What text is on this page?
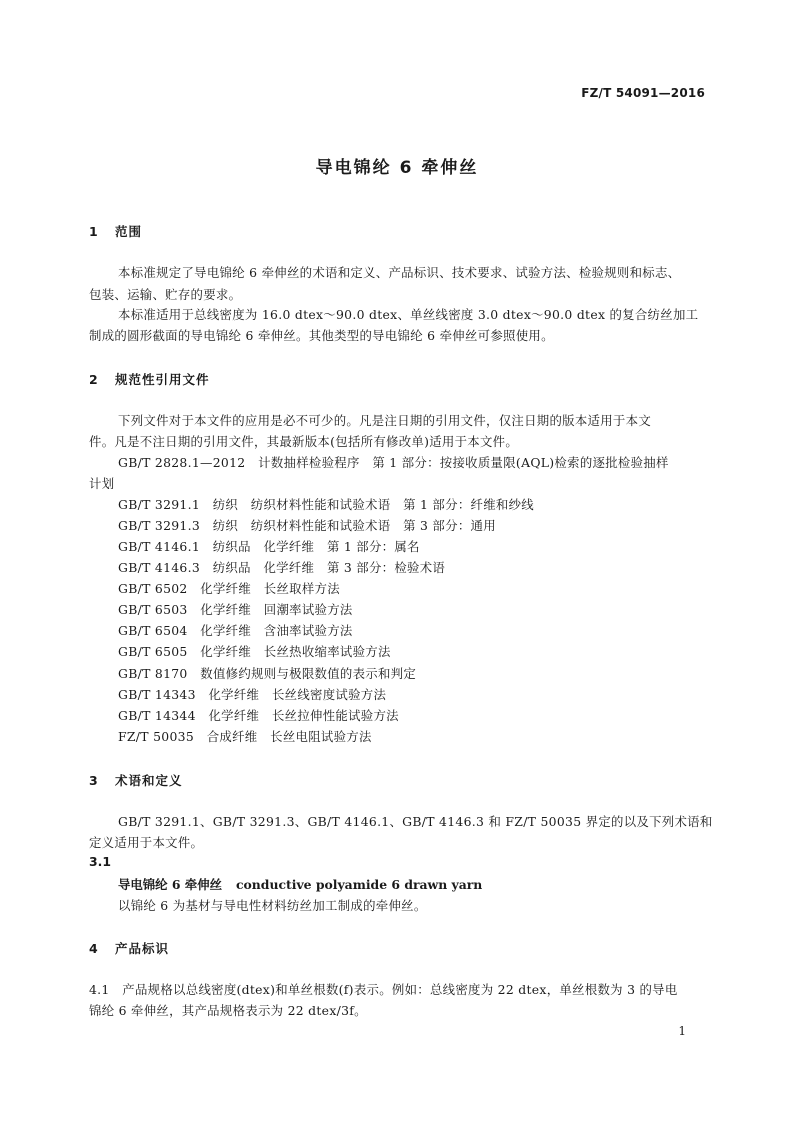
FZ/T 54091—2016
导电锦纶 6 牵伸丝
1 范围
本标准规定了导电锦纶 6 牵伸丝的术语和定义、产品标识、技术要求、试验方法、检验规则和标志、
包装、运输、贮存的要求。
本标准适用于总线密度为 16.0 dtex～90.0 dtex、单丝线密度 3.0 dtex～90.0 dtex 的复合纺丝加工
制成的圆形截面的导电锦纶 6 牵伸丝。其他类型的导电锦纶 6 牵伸丝可参照使用。
2 规范性引用文件
下列文件对于本文件的应用是必不可少的。凡是注日期的引用文件，仅注日期的版本适用于本文
件。凡是不注日期的引用文件，其最新版本(包括所有修改单)适用于本文件。
GB/T 2828.1—2012　计数抽样检验程序　第 1 部分：按接收质量限(AQL)检索的逐批检验抽样
计划
GB/T 3291.1　纺织　纺织材料性能和试验术语　第 1 部分：纤维和纱线
GB/T 3291.3　纺织　纺织材料性能和试验术语　第 3 部分：通用
GB/T 4146.1　纺织品　化学纤维　第 1 部分：属名
GB/T 4146.3　纺织品　化学纤维　第 3 部分：检验术语
GB/T 6502　化学纤维　长丝取样方法
GB/T 6503　化学纤维　回潮率试验方法
GB/T 6504　化学纤维　含油率试验方法
GB/T 6505　化学纤维　长丝热收缩率试验方法
GB/T 8170　数值修约规则与极限数值的表示和判定
GB/T 14343　化学纤维　长丝线密度试验方法
GB/T 14344　化学纤维　长丝拉伸性能试验方法
FZ/T 50035　合成纤维　长丝电阻试验方法
3 术语和定义
GB/T 3291.1、GB/T 3291.3、GB/T 4146.1、GB/T 4146.3 和 FZ/T 50035 界定的以及下列术语和
定义适用于本文件。
3.1
导电锦纶 6 牵伸丝 conductive polyamide 6 drawn yarn
以锦纶 6 为基材与导电性材料纺丝加工制成的牵伸丝。
4 产品标识
4.1　产品规格以总线密度(dtex)和单丝根数(f)表示。例如：总线密度为 22 dtex，单丝根数为 3 的导电
锦纶 6 牵伸丝，其产品规格表示为 22 dtex/3f。
1
